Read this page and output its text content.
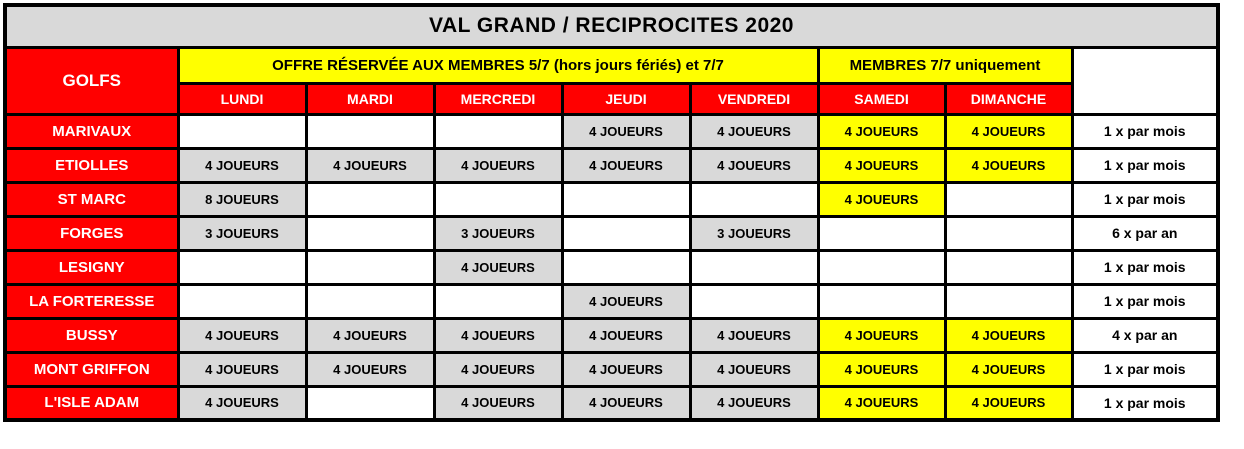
VAL GRAND / RECIPROCITES 2020								
GOLFS	OFFRE RÉSERVÉE AUX MEMBRES 5/7 (hors jours fériés) et 7/7					MEMBRES 7/7 uniquement		
	LUNDI	MARDI	MERCREDI	JEUDI	VENDREDI	SAMEDI	DIMANCHE	
MARIVAUX				4 JOUEURS	4 JOUEURS	4 JOUEURS	4 JOUEURS	1 x par mois
ETIOLLES	4 JOUEURS	4 JOUEURS	4 JOUEURS	4 JOUEURS	4 JOUEURS	4 JOUEURS	4 JOUEURS	1 x par mois
ST MARC	8 JOUEURS					4 JOUEURS		1 x par mois
FORGES	3 JOUEURS		3 JOUEURS		3 JOUEURS			6 x par an
LESIGNY			4 JOUEURS					1 x par mois
LA FORTERESSE				4 JOUEURS				1 x par mois
BUSSY	4 JOUEURS	4 JOUEURS	4 JOUEURS	4 JOUEURS	4 JOUEURS	4 JOUEURS	4 JOUEURS	4 x par an
MONT GRIFFON	4 JOUEURS	4 JOUEURS	4 JOUEURS	4 JOUEURS	4 JOUEURS	4 JOUEURS	4 JOUEURS	1 x par mois
L'ISLE ADAM	4 JOUEURS		4 JOUEURS	4 JOUEURS	4 JOUEURS	4 JOUEURS	4 JOUEURS	1 x par mois
